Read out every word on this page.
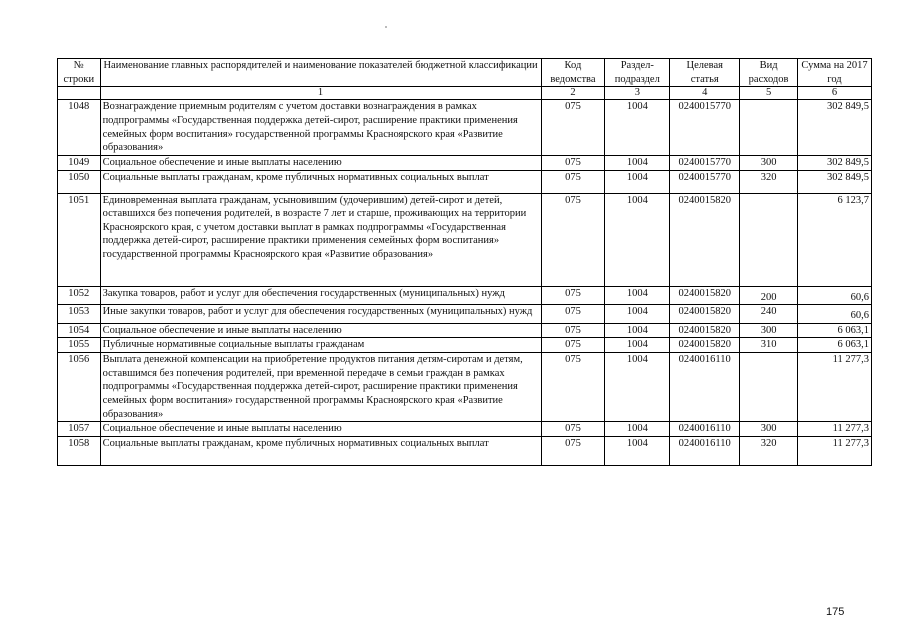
№ строки	Наименование главных распорядителей и наименование показателей бюджетной классификации	Код ведомства	Раздел-подраздел	Целевая статья	Вид расходов	Сумма на 2017 год
	1	2	3	4	5	6
1048	Вознаграждение приемным родителям с учетом доставки вознаграждения в рамках подпрограммы «Государственная поддержка детей-сирот, расширение практики применения семейных форм воспитания» государственной программы Красноярского края «Развитие образования»	075	1004	0240015770		302 849,5
1049	Социальное обеспечение и иные выплаты населению	075	1004	0240015770	300	302 849,5
1050	Социальные выплаты гражданам, кроме публичных нормативных социальных выплат	075	1004	0240015770	320	302 849,5
1051	Единовременная выплата гражданам, усыновившим (удочерившим) детей-сирот и детей, оставшихся без попечения родителей, в возрасте 7 лет и старше, проживающих на территории Красноярского края, с учетом доставки выплат в рамках подпрограммы «Государственная поддержка детей-сирот, расширение практики применения семейных форм воспитания» государственной программы Красноярского края «Развитие образования»	075	1004	0240015820		6 123,7
1052	Закупка товаров, работ и услуг для обеспечения государственных (муниципальных) нужд	075	1004	0240015820	200	60,6
1053	Иные закупки товаров, работ и услуг для обеспечения государственных (муниципальных) нужд	075	1004	0240015820	240	60,6
1054	Социальное обеспечение и иные выплаты населению	075	1004	0240015820	300	6 063,1
1055	Публичные нормативные социальные выплаты гражданам	075	1004	0240015820	310	6 063,1
1056	Выплата денежной компенсации на приобретение продуктов питания детям-сиротам и детям, оставшимся без попечения родителей, при временной передаче в семьи граждан в рамках подпрограммы «Государственная поддержка детей-сирот, расширение практики применения семейных форм воспитания» государственной программы Красноярского края «Развитие образования»	075	1004	0240016110		11 277,3
1057	Социальное обеспечение и иные выплаты населению	075	1004	0240016110	300	11 277,3
1058	Социальные выплаты гражданам, кроме публичных нормативных социальных выплат	075	1004	0240016110	320	11 277,3
175
